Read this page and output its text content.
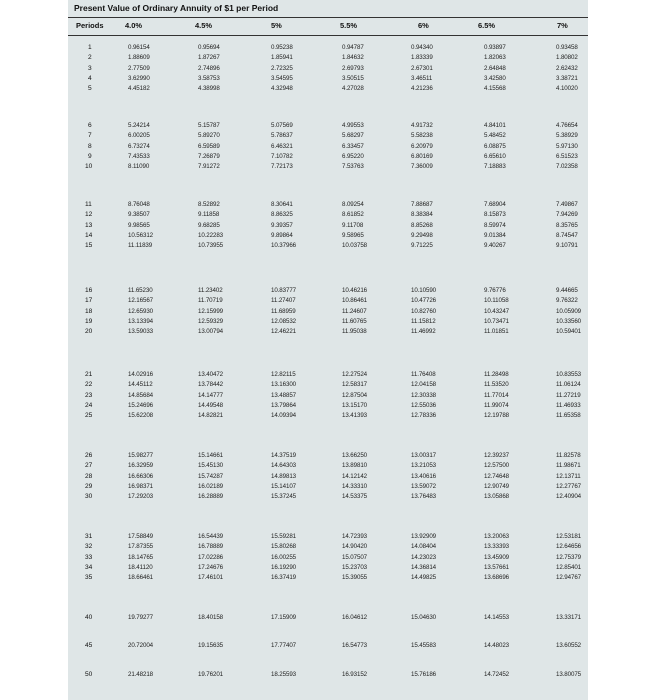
Present Value of Ordinary Annuity of $1 per Period
Periods	4.0%	4.5%	5%	5.5%	6%	6.5%	7%
1	0.96154	0.95694	0.95238	0.94787	0.94340	0.93897	0.93458
2	1.88609	1.87267	1.85941	1.84632	1.83339	1.82063	1.80802
3	2.77509	2.74896	2.72325	2.69793	2.67301	2.64848	2.62432
4	3.62990	3.58753	3.54595	3.50515	3.46511	3.42580	3.38721
5	4.45182	4.38998	4.32948	4.27028	4.21236	4.15568	4.10020
6	5.24214	5.15787	5.07569	4.99553	4.91732	4.84101	4.76654
7	6.00205	5.89270	5.78637	5.68297	5.58238	5.48452	5.38929
8	6.73274	6.59589	6.46321	6.33457	6.20979	6.08875	5.97130
9	7.43533	7.26879	7.10782	6.95220	6.80169	6.65610	6.51523
10	8.11090	7.91272	7.72173	7.53763	7.36009	7.18883	7.02358
11	8.76048	8.52892	8.30641	8.09254	7.88687	7.68904	7.49867
12	9.38507	9.11858	8.86325	8.61852	8.38384	8.15873	7.94269
13	9.98565	9.68285	9.39357	9.11708	8.85268	8.59974	8.35765
14	10.56312	10.22283	9.89864	9.58965	9.29498	9.01384	8.74547
15	11.11839	10.73955	10.37966	10.03758	9.71225	9.40267	9.10791
16	11.65230	11.23402	10.83777	10.46216	10.10590	9.76776	9.44665
17	12.16567	11.70719	11.27407	10.86461	10.47726	10.11058	9.76322
18	12.65930	12.15999	11.68959	11.24607	10.82760	10.43247	10.05909
19	13.13394	12.59329	12.08532	11.60765	11.15812	10.73471	10.33560
20	13.59033	13.00794	12.46221	11.95038	11.46992	11.01851	10.59401
21	14.02916	13.40472	12.82115	12.27524	11.76408	11.28498	10.83553
22	14.45112	13.78442	13.16300	12.58317	12.04158	11.53520	11.06124
23	14.85684	14.14777	13.48857	12.87504	12.30338	11.77014	11.27219
24	15.24696	14.49548	13.79864	13.15170	12.55036	11.99074	11.46933
25	15.62208	14.82821	14.09394	13.41393	12.78336	12.19788	11.65358
26	15.98277	15.14661	14.37519	13.66250	13.00317	12.39237	11.82578
27	16.32959	15.45130	14.64303	13.89810	13.21053	12.57500	11.98671
28	16.66306	15.74287	14.89813	14.12142	13.40616	12.74648	12.13711
29	16.98371	16.02189	15.14107	14.33310	13.59072	12.90749	12.27767
30	17.29203	16.28889	15.37245	14.53375	13.76483	13.05868	12.40904
31	17.58849	16.54439	15.59281	14.72393	13.92909	13.20063	12.53181
32	17.87355	16.78889	15.80268	14.90420	14.08404	13.33393	12.64656
33	18.14765	17.02286	16.00255	15.07507	14.23023	13.45909	12.75379
34	18.41120	17.24676	16.19290	15.23703	14.36814	13.57661	12.85401
35	18.66461	17.46101	16.37419	15.39055	14.49825	13.68696	12.94767
40	19.79277	18.40158	17.15909	16.04612	15.04630	14.14553	13.33171
45	20.72004	19.15635	17.77407	16.54773	15.45583	14.48023	13.60552
50	21.48218	19.76201	18.25593	16.93152	15.76186	14.72452	13.80075
